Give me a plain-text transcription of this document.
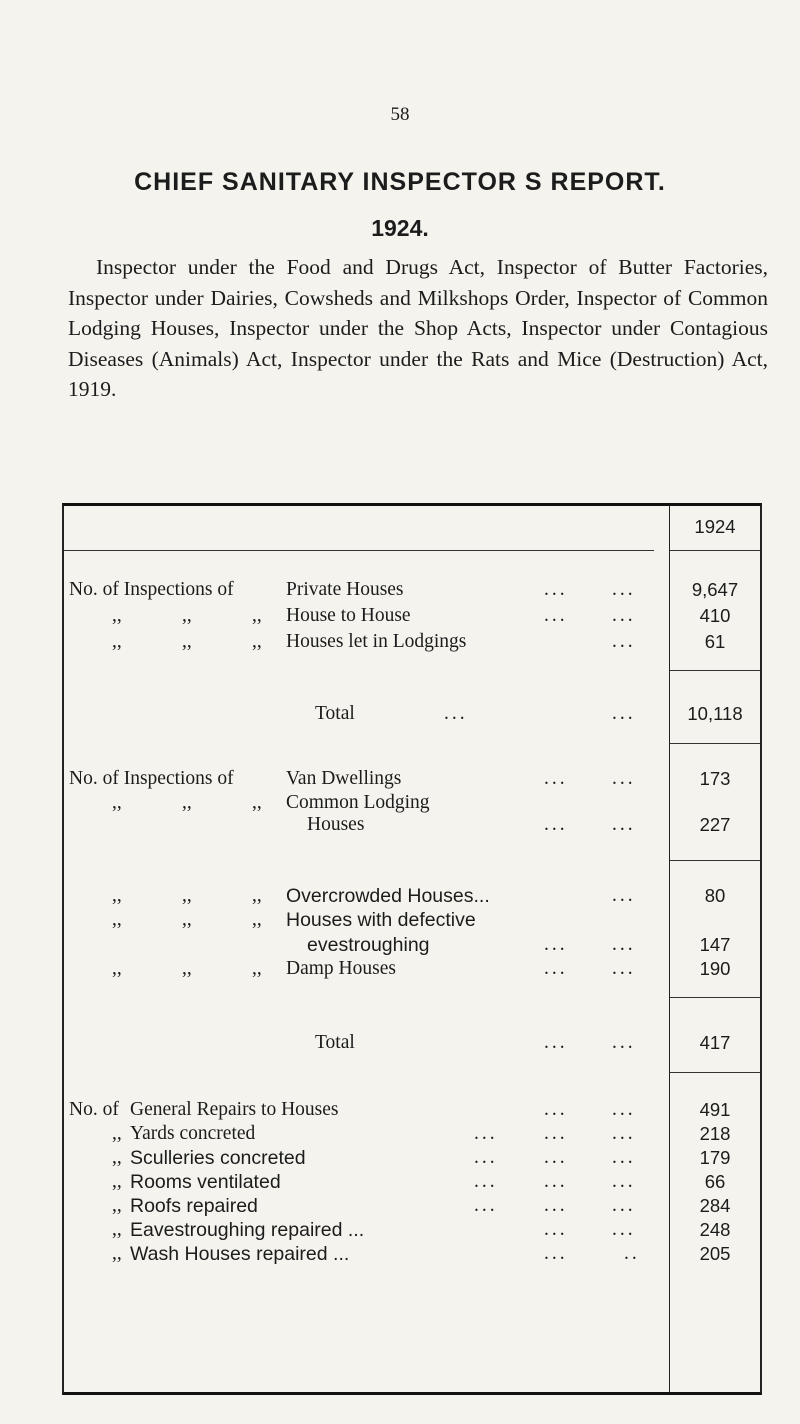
58
CHIEF SANITARY INSPECTOR S REPORT.
1924.

Inspector under the Food and Drugs Act, Inspector of Butter Factories, Inspector under Dairies, Cowsheds and Milkshops Order, Inspector of Common Lodging Houses, Inspector under the Shop Acts, Inspector under Contagious Diseases (Animals) Act, Inspector under the Rats and Mice (Destruction) Act, 1919.

1924
No. of Inspections of	Private Houses	... ...	9,647
,,	,,	,, House to House	... ...	410
,,	,,	,, Houses let in Lodgings	...	61
Total	...	...	10,118
No. of Inspections of	Van Dwellings	... ...	173
,,	,,	,, Common Lodging
Houses	... ...	227
,,	,,	,, Overcrowded Houses...	...	80
,,	,,	,, Houses with defective
evestroughing	... ...	147
,,	,,	,, Damp Houses	... ...	190
Total	... ...	417
No. of General Repairs to Houses	... ...	491
,, Yards concreted	... ... ...	218
,, Sculleries concreted	... ... ...	179
,, Rooms ventilated	... ... ...	66
,, Roofs repaired	... ... ...	284
,, Eavestroughing repaired ...	... ...	248
,, Wash Houses repaired ...	...	..	205
